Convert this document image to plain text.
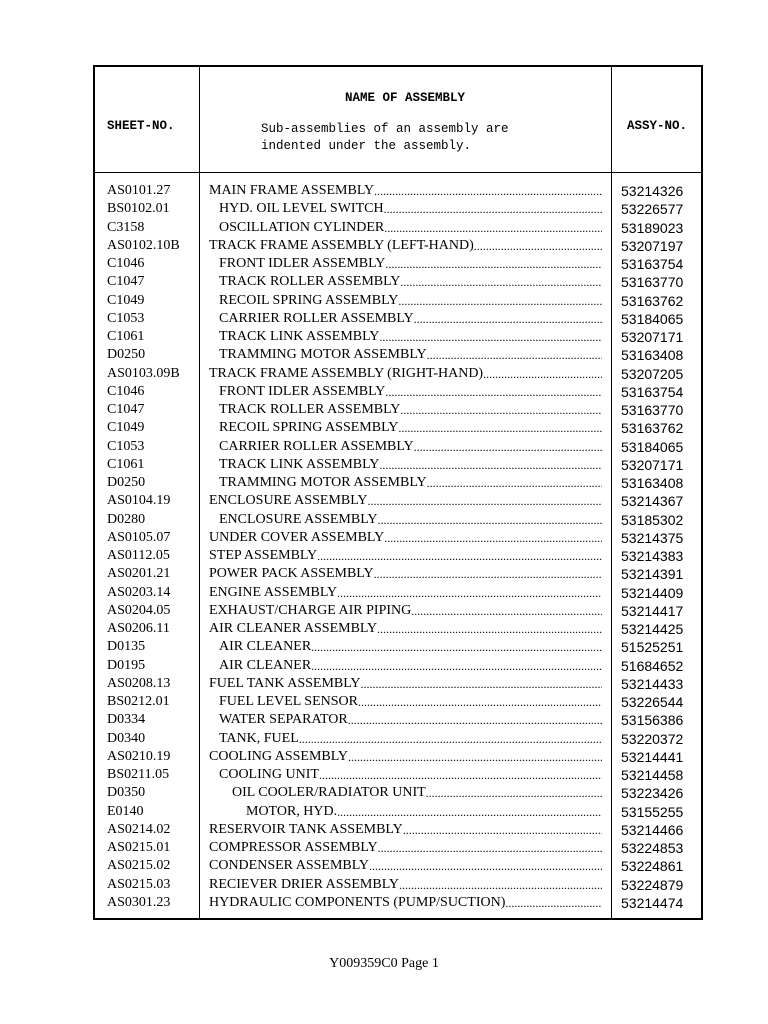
SHEET-NO.
NAME OF ASSEMBLY
Sub-assemblies of an assembly are
indented under the assembly.
ASSY-NO.
AS0101.27	MAIN FRAME ASSEMBLY .....	53214326
BS0102.01	HYD. OIL LEVEL SWITCH .....	53226577
C3158	OSCILLATION CYLINDER .....	53189023
AS0102.10B TRACK FRAME ASSEMBLY (LEFT-HAND) .....	53207197
C1046	FRONT IDLER ASSEMBLY .....	53163754
C1047	TRACK ROLLER ASSEMBLY .....	53163770
C1049	RECOIL SPRING ASSEMBLY .....	53163762
C1053	CARRIER ROLLER ASSEMBLY .....	53184065
C1061	TRACK LINK ASSEMBLY .....	53207171
D0250	TRAMMING MOTOR ASSEMBLY .....	53163408
AS0103.09B TRACK FRAME ASSEMBLY (RIGHT-HAND) .....	53207205
C1046	FRONT IDLER ASSEMBLY .....	53163754
C1047	TRACK ROLLER ASSEMBLY .....	53163770
C1049	RECOIL SPRING ASSEMBLY .....	53163762
C1053	CARRIER ROLLER ASSEMBLY .....	53184065
C1061	TRACK LINK ASSEMBLY .....	53207171
D0250	TRAMMING MOTOR ASSEMBLY .....	53163408
AS0104.19	ENCLOSURE ASSEMBLY .....	53214367
D0280	ENCLOSURE ASSEMBLY .....	53185302
AS0105.07	UNDER COVER ASSEMBLY .....	53214375
AS0112.05	STEP ASSEMBLY .....	53214383
AS0201.21	POWER PACK ASSEMBLY .....	53214391
AS0203.14	ENGINE ASSEMBLY .....	53214409
AS0204.05	EXHAUST/CHARGE AIR PIPING .....	53214417
AS0206.11	AIR CLEANER ASSEMBLY .....	53214425
D0135	AIR CLEANER .....	51525251
D0195	AIR CLEANER .....	51684652
AS0208.13	FUEL TANK ASSEMBLY .....	53214433
BS0212.01	FUEL LEVEL SENSOR .....	53226544
D0334	WATER SEPARATOR .....	53156386
D0340	TANK, FUEL .....	53220372
AS0210.19	COOLING ASSEMBLY .....	53214441
BS0211.05	COOLING UNIT .....	53214458
D0350	OIL COOLER/RADIATOR UNIT .....	53223426
E0140	MOTOR, HYD. .....	53155255
AS0214.02	RESERVOIR TANK ASSEMBLY .....	53214466
AS0215.01	COMPRESSOR ASSEMBLY .....	53224853
AS0215.02	CONDENSER ASSEMBLY .....	53224861
AS0215.03	RECIEVER DRIER ASSEMBLY .....	53224879
AS0301.23	HYDRAULIC COMPONENTS (PUMP/SUCTION) .....	53214474
Y009359C0 Page 1
